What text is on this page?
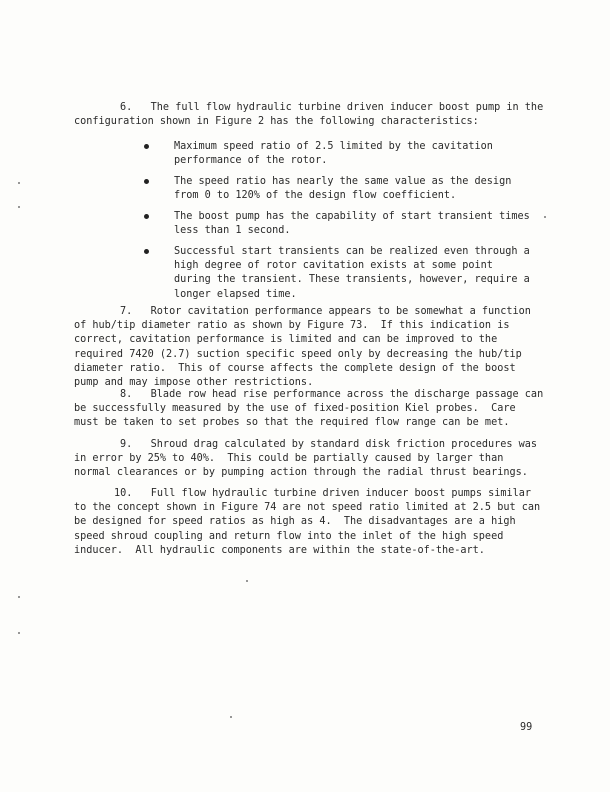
6.   The full flow hydraulic turbine driven inducer boost pump in the configuration shown in Figure 2 has the following characteristics:

Maximum speed ratio of 2.5 limited by the cavitation performance of the rotor.

The speed ratio has nearly the same value as the design from 0 to 120% of the design flow coefficient.

The boost pump has the capability of start transient times less than 1 second.

Successful start transients can be realized even through a high degree of rotor cavitation exists at some point during the transient. These transients, however, require a longer elapsed time.

7.   Rotor cavitation performance appears to be somewhat a function of hub/tip diameter ratio as shown by Figure 73.  If this indication is correct, cavitation performance is limited and can be improved to the required 7420 (2.7) suction specific speed only by decreasing the hub/tip diameter ratio.  This of course affects the complete design of the boost pump and may impose other restrictions.

8.   Blade row head rise performance across the discharge passage can be successfully measured by the use of fixed-position Kiel probes.  Care must be taken to set probes so that the required flow range can be met.

9.   Shroud drag calculated by standard disk friction procedures was in error by 25% to 40%.  This could be partially caused by larger than normal clearances or by pumping action through the radial thrust bearings.

10.   Full flow hydraulic turbine driven inducer boost pumps similar to the concept shown in Figure 74 are not speed ratio limited at 2.5 but can be designed for speed ratios as high as 4.  The disadvantages are a high speed shroud coupling and return flow into the inlet of the high speed inducer.  All hydraulic components are within the state-of-the-art.

99
